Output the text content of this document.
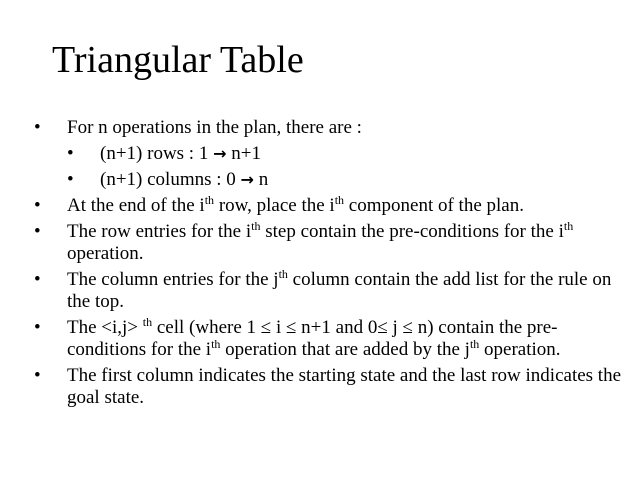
Triangular Table
• For n operations in the plan, there are :
• (n+1) rows : 1 → n+1
• (n+1) columns : 0 → n
• At the end of the $i^{th}$ row, place the $i^{th}$ component of the plan.
• The row entries for the $i^{th}$ step contain the pre-conditions for the $i^{th}$ operation.
• The column entries for the $j^{th}$ column contain the add list for the rule on the top.
• The <i,j> $^{th}$ cell (where 1 ≤ i ≤ n+1 and 0≤ j ≤ n) contain the pre-conditions for the $i^{th}$ operation that are added by the $j^{th}$ operation.
• The first column indicates the starting state and the last row indicates the goal state.
